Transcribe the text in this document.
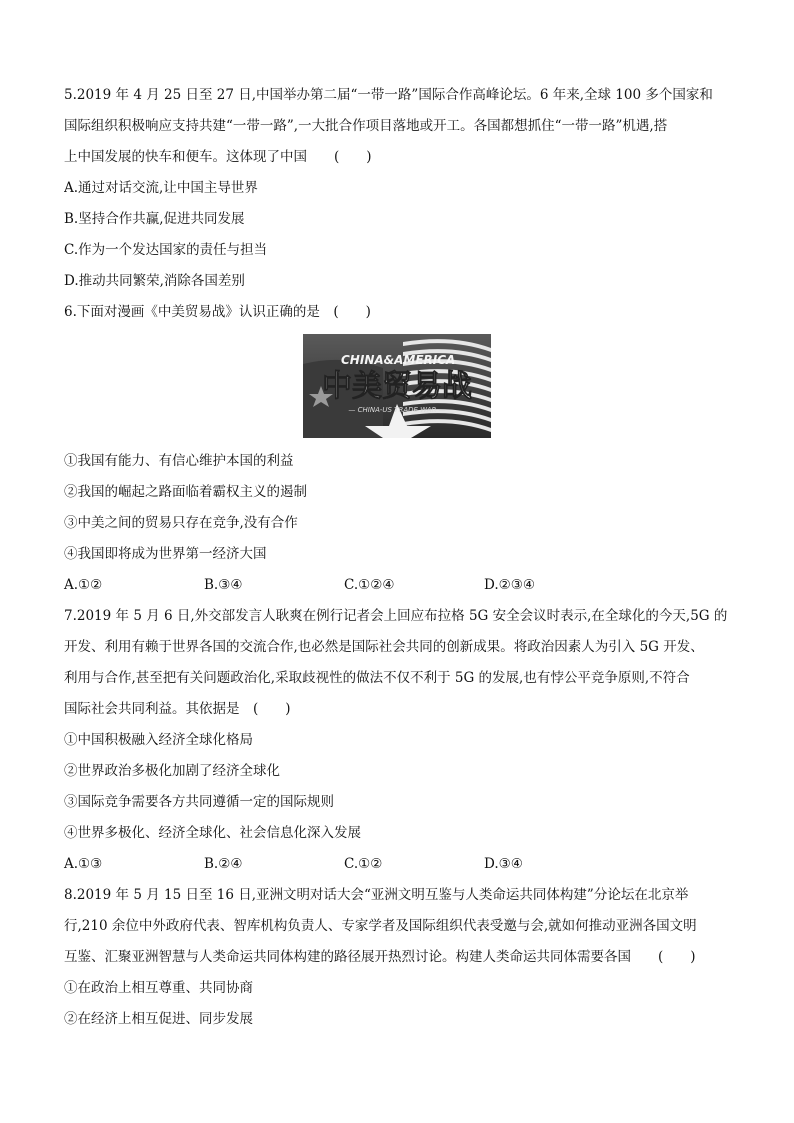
5.2019 年 4 月 25 日至 27 日,中国举办第二届“一带一路”国际合作高峰论坛。6 年来,全球 100 多个国家和
国际组织积极响应支持共建“一带一路”,一大批合作项目落地或开工。各国都想抓住“一带一路”机遇,搭
上中国发展的快车和便车。这体现了中国　　(　　)
A.通过对话交流,让中国主导世界
B.坚持合作共赢,促进共同发展
C.作为一个发达国家的责任与担当
D.推动共同繁荣,消除各国差别
6.下面对漫画《中美贸易战》认识正确的是　(　　)
CHINA&AMERICA
中美贸易战
— CHINA-US TRADE WAR —
①我国有能力、有信心维护本国的利益
②我国的崛起之路面临着霸权主义的遏制
③中美之间的贸易只存在竞争,没有合作
④我国即将成为世界第一经济大国
A.①②	B.③④	C.①②④	D.②③④
7.2019 年 5 月 6 日,外交部发言人耿爽在例行记者会上回应布拉格 5G 安全会议时表示,在全球化的今天,5G 的
开发、利用有赖于世界各国的交流合作,也必然是国际社会共同的创新成果。将政治因素人为引入 5G 开发、
利用与合作,甚至把有关问题政治化,采取歧视性的做法不仅不利于 5G 的发展,也有悖公平竞争原则,不符合
国际社会共同利益。其依据是　(　　)
①中国积极融入经济全球化格局
②世界政治多极化加剧了经济全球化
③国际竞争需要各方共同遵循一定的国际规则
④世界多极化、经济全球化、社会信息化深入发展
A.①③	B.②④	C.①②	D.③④
8.2019 年 5 月 15 日至 16 日,亚洲文明对话大会“亚洲文明互鉴与人类命运共同体构建”分论坛在北京举
行,210 余位中外政府代表、智库机构负责人、专家学者及国际组织代表受邀与会,就如何推动亚洲各国文明
互鉴、汇聚亚洲智慧与人类命运共同体构建的路径展开热烈讨论。构建人类命运共同体需要各国　　(　　)
①在政治上相互尊重、共同协商
②在经济上相互促进、同步发展
